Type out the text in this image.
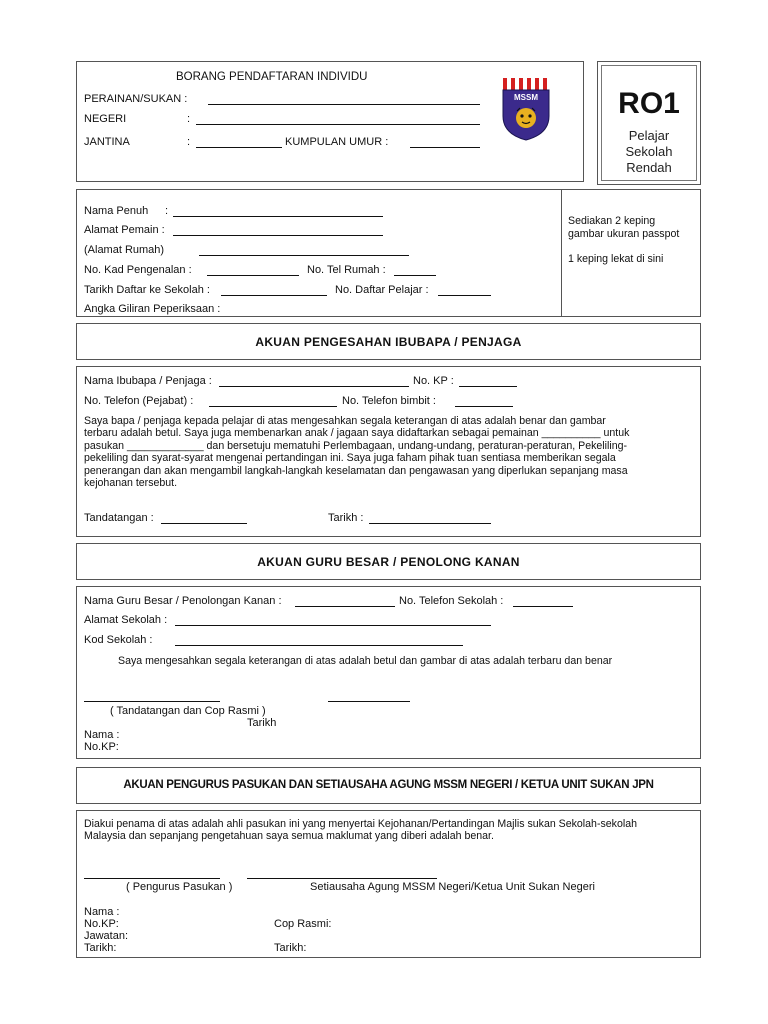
BORANG PENDAFTARAN INDIVIDU
PERAINAN/SUKAN :
NEGERI	:
JANTINA	:	KUMPULAN UMUR :
MSSM	RO1
Pelajar
Sekolah
Rendah
Nama Penuh :
Alamat Pemain :
(Alamat Rumah)
No. Kad Pengenalan :	No. Tel Rumah :
Tarikh Daftar ke Sekolah :	No. Daftar Pelajar :
Angka Giliran Peperiksaan :
Sediakan 2 keping
gambar ukuran passpot
1 keping lekat di sini
AKUAN PENGESAHAN IBUBAPA / PENJAGA
Nama Ibubapa / Penjaga :	No. KP :
No. Telefon (Pejabat) :	No. Telefon bimbit :
Saya bapa / penjaga kepada pelajar di atas mengesahkan segala keterangan di atas adalah benar dan gambar
terbaru adalah betul. Saya juga membenarkan anak / jagaan saya didaftarkan sebagai pemainan __________ untuk
pasukan _____________ dan bersetuju mematuhi Perlembagaan, undang-undang, peraturan-peraturan, Pekeliling-
pekeliling dan syarat-syarat mengenai pertandingan ini. Saya juga faham pihak tuan sentiasa memberikan segala
penerangan dan akan mengambil langkah-langkah keselamatan dan pengawasan yang diperlukan sepanjang masa
kejohanan tersebut.
Tandatangan :	Tarikh :
AKUAN GURU BESAR / PENOLONG KANAN
Nama Guru Besar / Penolongan Kanan :	No. Telefon Sekolah :
Alamat Sekolah :
Kod Sekolah :
Saya mengesahkan segala keterangan di atas adalah betul dan gambar di atas adalah terbaru dan benar
( Tandatangan dan Cop Rasmi )
Tarikh
Nama :
No.KP:
AKUAN PENGURUS PASUKAN DAN SETIAUSAHA AGUNG MSSM NEGERI / KETUA UNIT SUKAN JPN
Diakui penama di atas adalah ahli pasukan ini yang menyertai Kejohanan/Pertandingan Majlis sukan Sekolah-sekolah
Malaysia dan sepanjang pengetahuan saya semua maklumat yang diberi adalah benar.
( Pengurus Pasukan )	Setiausaha Agung MSSM Negeri/Ketua Unit Sukan Negeri
Nama :
No.KP:	Cop Rasmi:
Jawatan:
Tarikh:	Tarikh:
